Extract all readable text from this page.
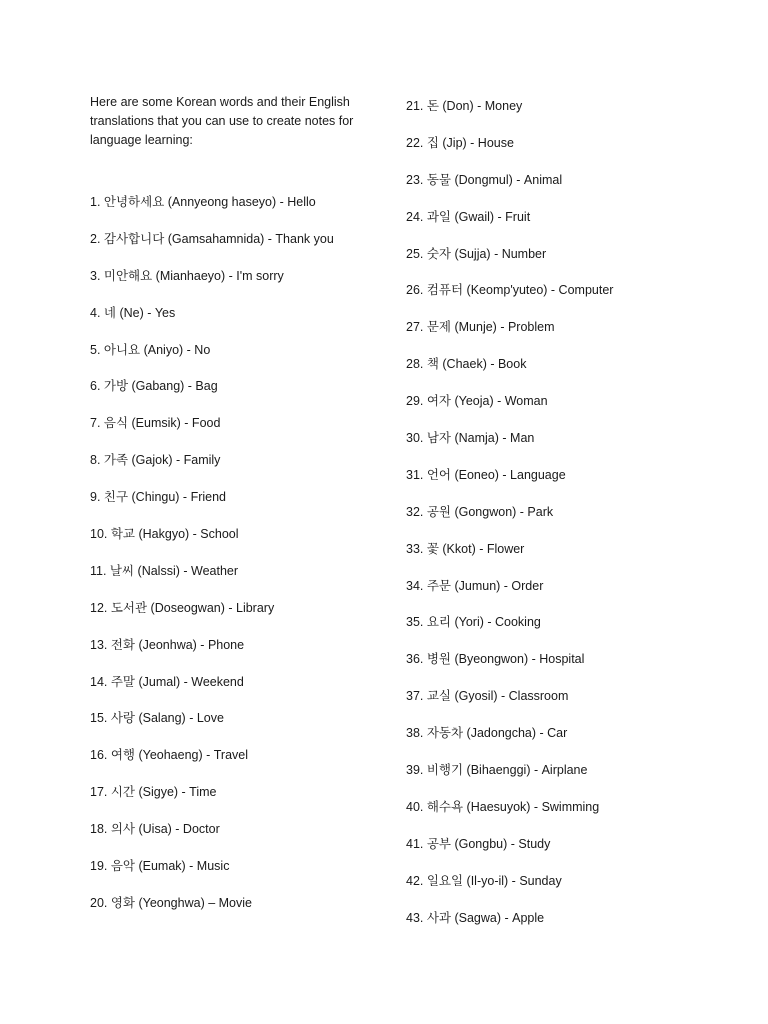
Here are some Korean words and their English translations that you can use to create notes for language learning:

1. 안녕하세요 (Annyeong haseyo) - Hello
2. 감사합니다 (Gamsahamnida) - Thank you
3. 미안해요 (Mianhaeyo) - I'm sorry
4. 네 (Ne) - Yes
5. 아니요 (Aniyo) - No
6. 가방 (Gabang) - Bag
7. 음식 (Eumsik) - Food
8. 가족 (Gajok) - Family
9. 친구 (Chingu) - Friend
10. 학교 (Hakgyo) - School
11. 날씨 (Nalssi) - Weather
12. 도서관 (Doseogwan) - Library
13. 전화 (Jeonhwa) - Phone
14. 주말 (Jumal) - Weekend
15. 사랑 (Salang) - Love
16. 여행 (Yeohaeng) - Travel
17. 시간 (Sigye) - Time
18. 의사 (Uisa) - Doctor
19. 음악 (Eumak) - Music
20. 영화 (Yeonghwa) – Movie
21. 돈 (Don) - Money
22. 집 (Jip) - House
23. 동물 (Dongmul) - Animal
24. 과일 (Gwail) - Fruit
25. 숫자 (Sujja) - Number
26. 컴퓨터 (Keomp'yuteo) - Computer
27. 문제 (Munje) - Problem
28. 책 (Chaek) - Book
29. 여자 (Yeoja) - Woman
30. 남자 (Namja) - Man
31. 언어 (Eoneo) - Language
32. 공원 (Gongwon) - Park
33. 꽃 (Kkot) - Flower
34. 주문 (Jumun) - Order
35. 요리 (Yori) - Cooking
36. 병원 (Byeongwon) - Hospital
37. 교실 (Gyosil) - Classroom
38. 자동차 (Jadongcha) - Car
39. 비행기 (Bihaenggi) - Airplane
40. 해수욕 (Haesuyok) - Swimming
41. 공부 (Gongbu) - Study
42. 일요일 (Il-yo-il) - Sunday
43. 사과 (Sagwa) - Apple
